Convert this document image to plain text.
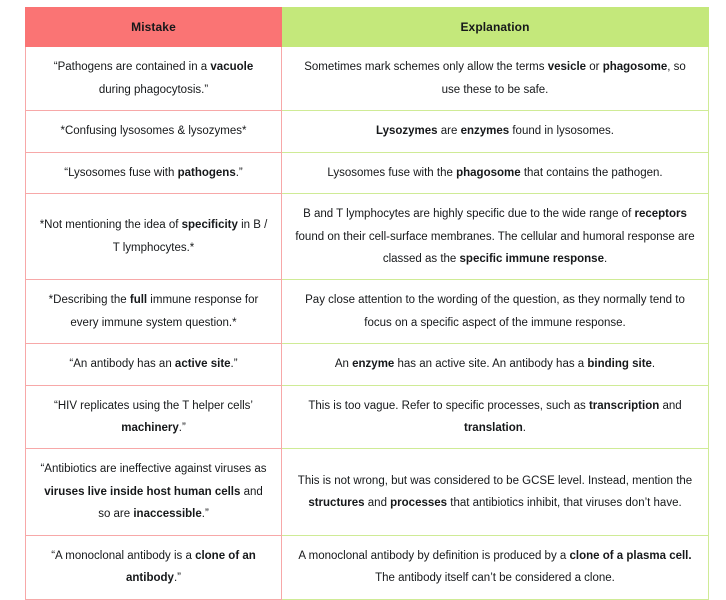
Mistake	Explanation

“Pathogens are contained in a vacuole during phagocytosis.”	Sometimes mark schemes only allow the terms vesicle or phagosome, so use these to be safe.

*Confusing lysosomes & lysozymes*	Lysozymes are enzymes found in lysosomes.

“Lysosomes fuse with pathogens.”	Lysosomes fuse with the phagosome that contains the pathogen.

*Not mentioning the idea of specificity in B / T lymphocytes.*	B and T lymphocytes are highly specific due to the wide range of receptors found on their cell-surface membranes. The cellular and humoral response are classed as the specific immune response.

*Describing the full immune response for every immune system question.*	Pay close attention to the wording of the question, as they normally tend to focus on a specific aspect of the immune response.

“An antibody has an active site.”	An enzyme has an active site. An antibody has a binding site.

“HIV replicates using the T helper cells’ machinery.”	This is too vague. Refer to specific processes, such as transcription and translation.

“Antibiotics are ineffective against viruses as viruses live inside host human cells and so are inaccessible.”	This is not wrong, but was considered to be GCSE level. Instead, mention the structures and processes that antibiotics inhibit, that viruses don’t have.

“A monoclonal antibody is a clone of an antibody.”	A monoclonal antibody by definition is produced by a clone of a plasma cell. The antibody itself can’t be considered a clone.
